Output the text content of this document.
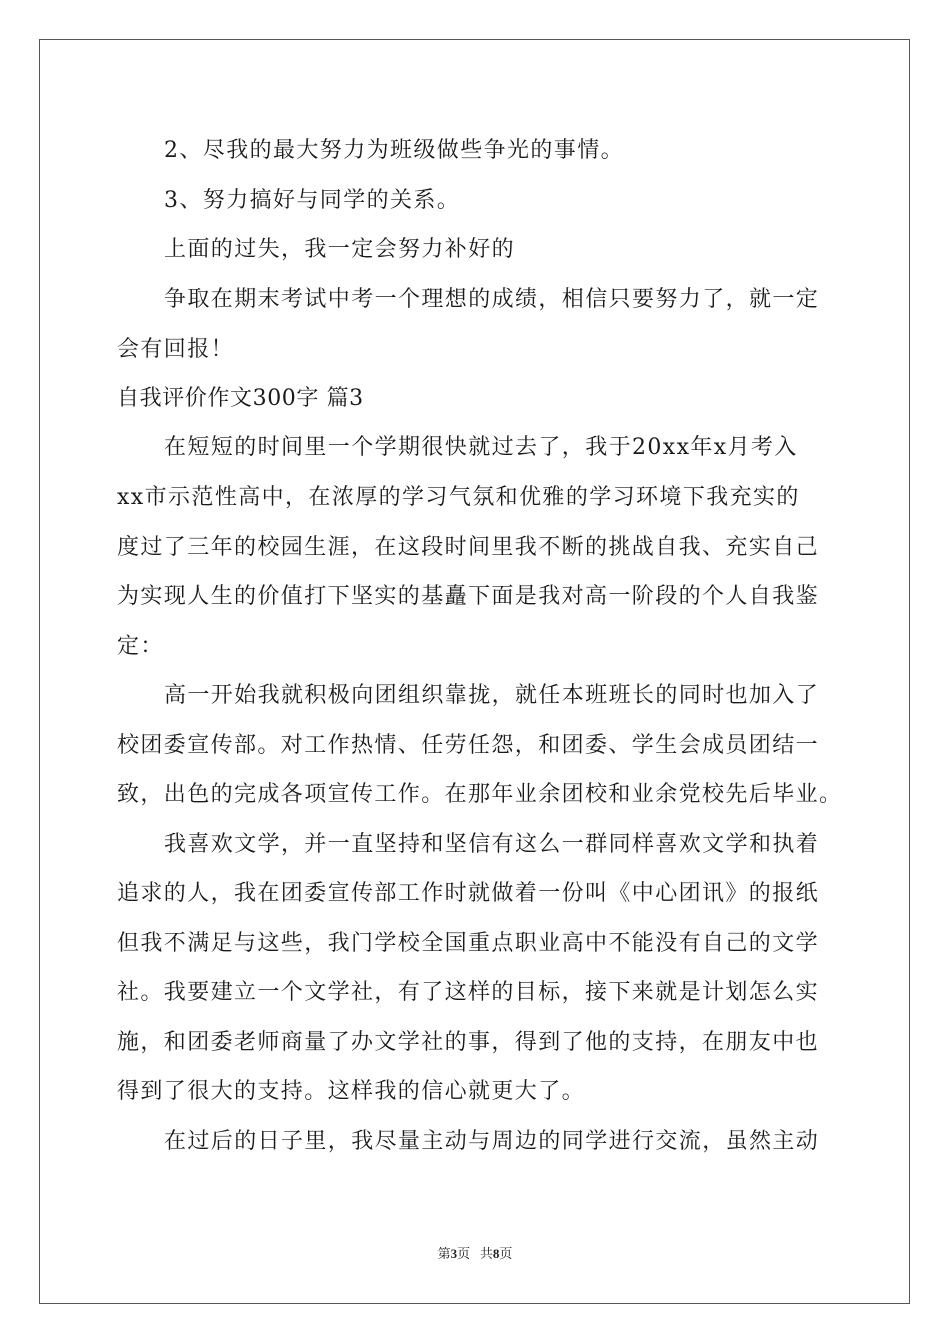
2、尽我的最大努力为班级做些争光的事情。
3、努力搞好与同学的关系。
上面的过失，我一定会努力补好的
争取在期末考试中考一个理想的成绩，相信只要努力了，就一定
会有回报！
自我评价作文300字 篇3
在短短的时间里一个学期很快就过去了，我于20xx年x月考入
xx市示范性高中，在浓厚的学习气氛和优雅的学习环境下我充实的
度过了三年的校园生涯，在这段时间里我不断的挑战自我、充实自己
为实现人生的价值打下坚实的基矗下面是我对高一阶段的个人自我鉴
定：
高一开始我就积极向团组织靠拢，就任本班班长的同时也加入了
校团委宣传部。对工作热情、任劳任怨，和团委、学生会成员团结一
致，出色的完成各项宣传工作。在那年业余团校和业余党校先后毕业。
我喜欢文学，并一直坚持和坚信有这么一群同样喜欢文学和执着
追求的人，我在团委宣传部工作时就做着一份叫《中心团讯》的报纸
但我不满足与这些，我门学校全国重点职业高中不能没有自己的文学
社。我要建立一个文学社，有了这样的目标，接下来就是计划怎么实
施，和团委老师商量了办文学社的事，得到了他的支持，在朋友中也
得到了很大的支持。这样我的信心就更大了。
在过后的日子里，我尽量主动与周边的同学进行交流，虽然主动
第3页 共8页
